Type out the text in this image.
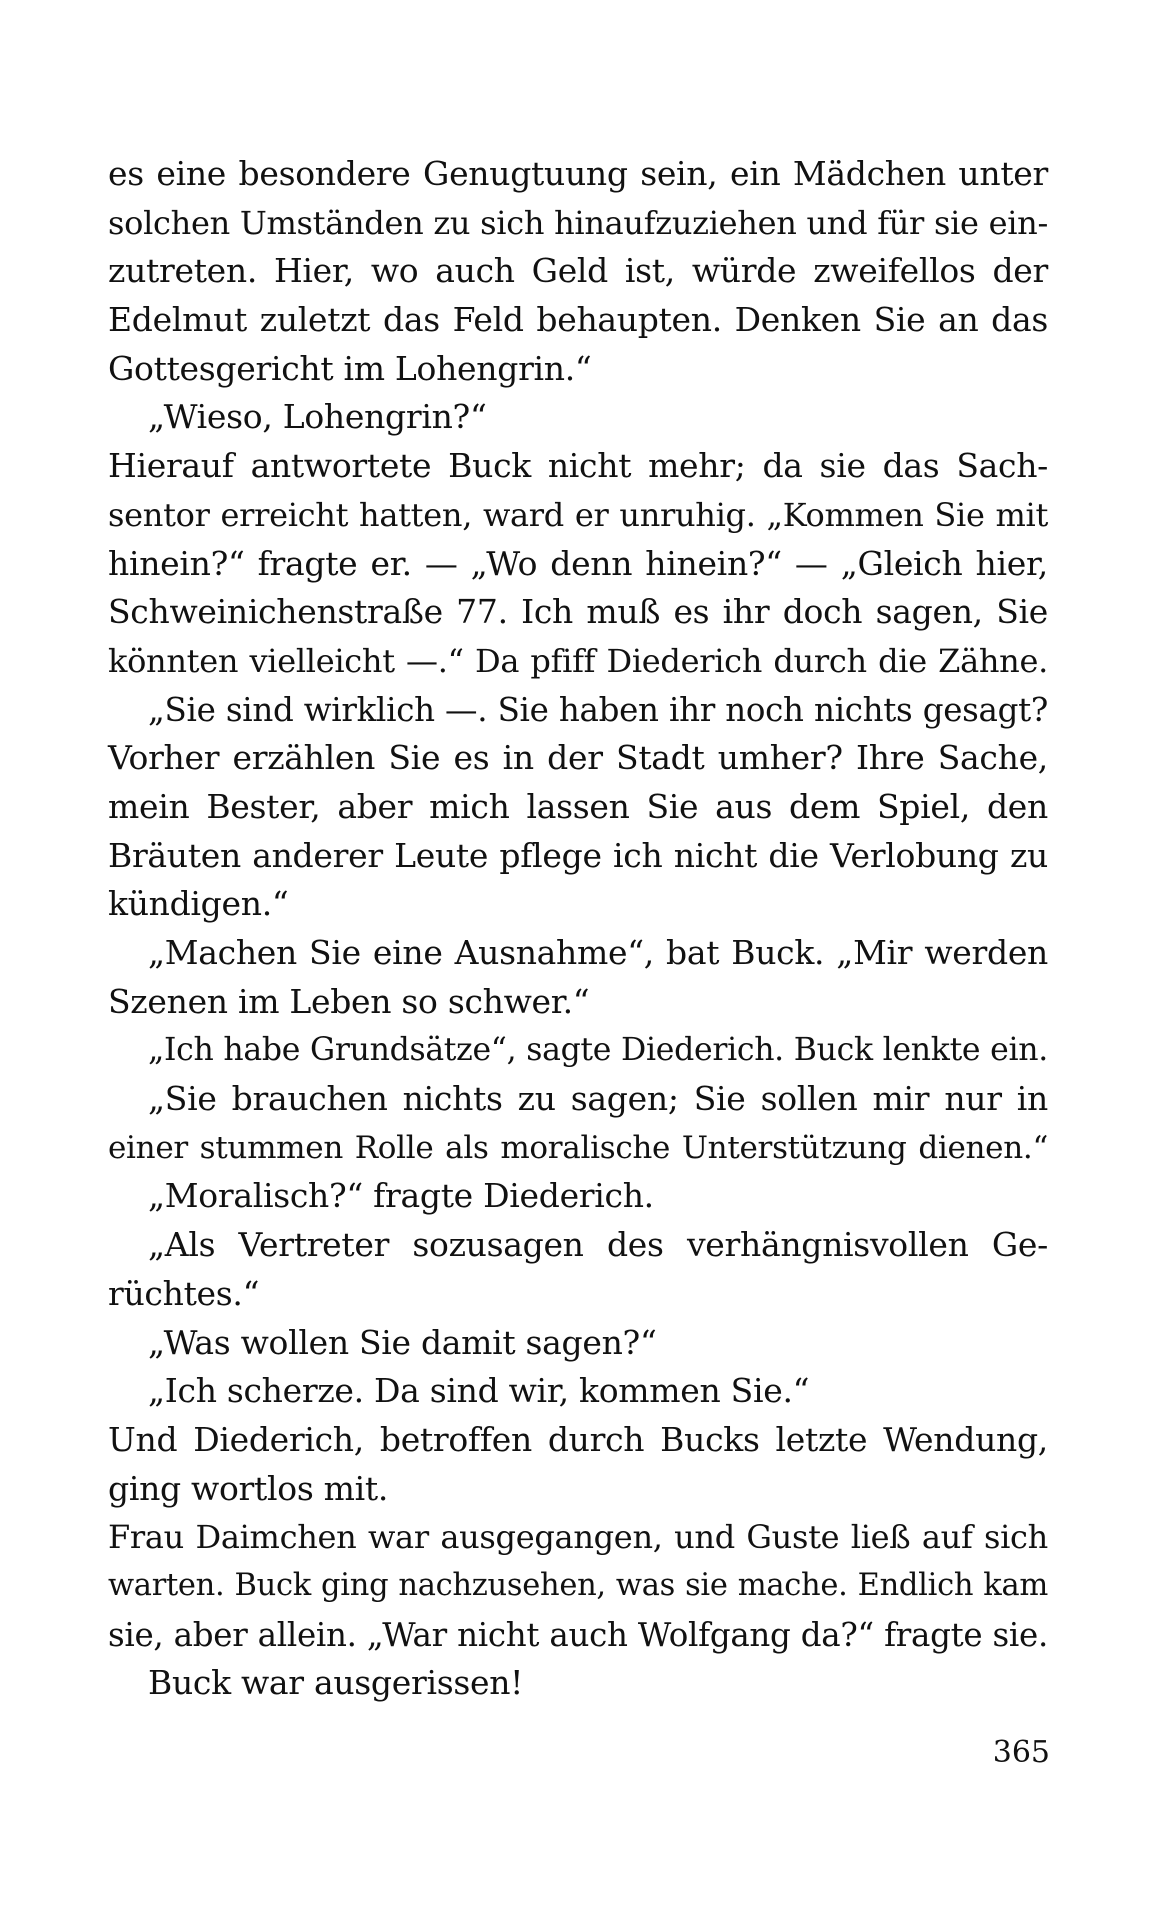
es eine besondere Genugtuung sein, ein Mädchen unter
solchen Umständen zu sich hinaufzuziehen und für sie ein-
zutreten. Hier, wo auch Geld ist, würde zweifellos der
Edelmut zuletzt das Feld behaupten. Denken Sie an das
Gottesgericht im Lohengrin.“
„Wieso, Lohengrin?“
Hierauf antwortete Buck nicht mehr; da sie das Sach-
sentor erreicht hatten, ward er unruhig. „Kommen Sie mit
hinein?“ fragte er. — „Wo denn hinein?“ — „Gleich hier,
Schweinichenstraße 77. Ich muß es ihr doch sagen, Sie
könnten vielleicht —.“ Da pfiff Diederich durch die Zähne.
„Sie sind wirklich —. Sie haben ihr noch nichts gesagt?
Vorher erzählen Sie es in der Stadt umher? Ihre Sache,
mein Bester, aber mich lassen Sie aus dem Spiel, den
Bräuten anderer Leute pflege ich nicht die Verlobung zu
kündigen.“
„Machen Sie eine Ausnahme“, bat Buck. „Mir werden
Szenen im Leben so schwer.“
„Ich habe Grundsätze“, sagte Diederich. Buck lenkte ein.
„Sie brauchen nichts zu sagen; Sie sollen mir nur in
einer stummen Rolle als moralische Unterstützung dienen.“
„Moralisch?“ fragte Diederich.
„Als Vertreter sozusagen des verhängnisvollen Ge-
rüchtes.“
„Was wollen Sie damit sagen?“
„Ich scherze. Da sind wir, kommen Sie.“
Und Diederich, betroffen durch Bucks letzte Wendung,
ging wortlos mit.
Frau Daimchen war ausgegangen, und Guste ließ auf sich
warten. Buck ging nachzusehen, was sie mache. Endlich kam
sie, aber allein. „War nicht auch Wolfgang da?“ fragte sie.
Buck war ausgerissen!
365
